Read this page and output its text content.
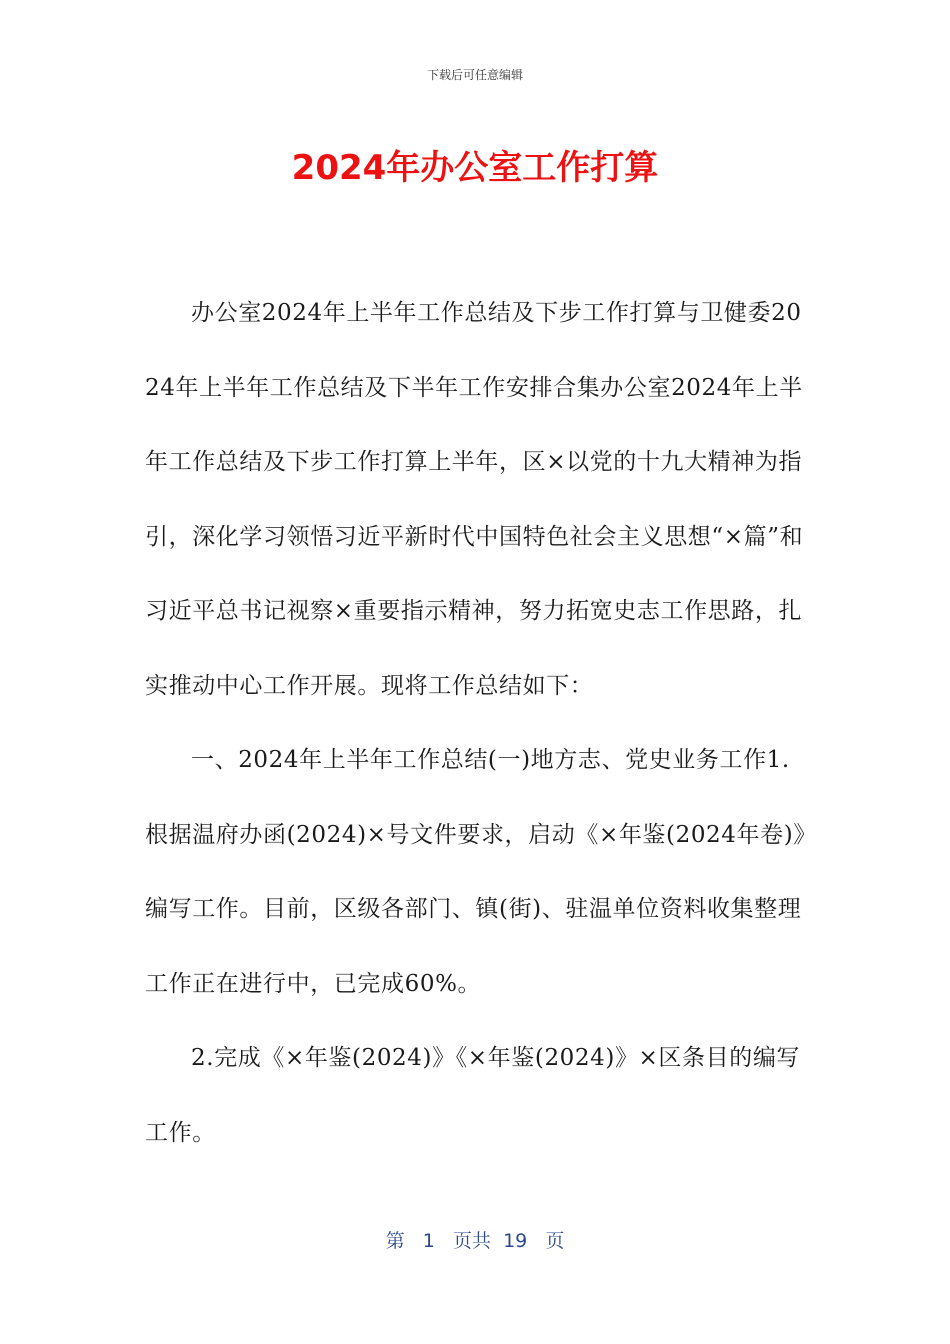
下载后可任意编辑
2024年办公室工作打算

办公室2024年上半年工作总结及下步工作打算与卫健委2024年上半年工作总结及下半年工作安排合集办公室2024年上半年工作总结及下步工作打算上半年，区×以党的十九大精神为指引，深化学习领悟习近平新时代中国特色社会主义思想“×篇”和习近平总书记视察×重要指示精神，努力拓宽史志工作思路，扎实推动中心工作开展。现将工作总结如下：

一、2024年上半年工作总结(一)地方志、党史业务工作1.根据温府办函(2024)×号文件要求，启动《×年鉴(2024年卷)》编写工作。目前，区级各部门、镇(街)、驻温单位资料收集整理工作正在进行中，已完成60%。

2.完成《×年鉴(2024)》《×年鉴(2024)》×区条目的编写工作。

第 1 页共 19 页
